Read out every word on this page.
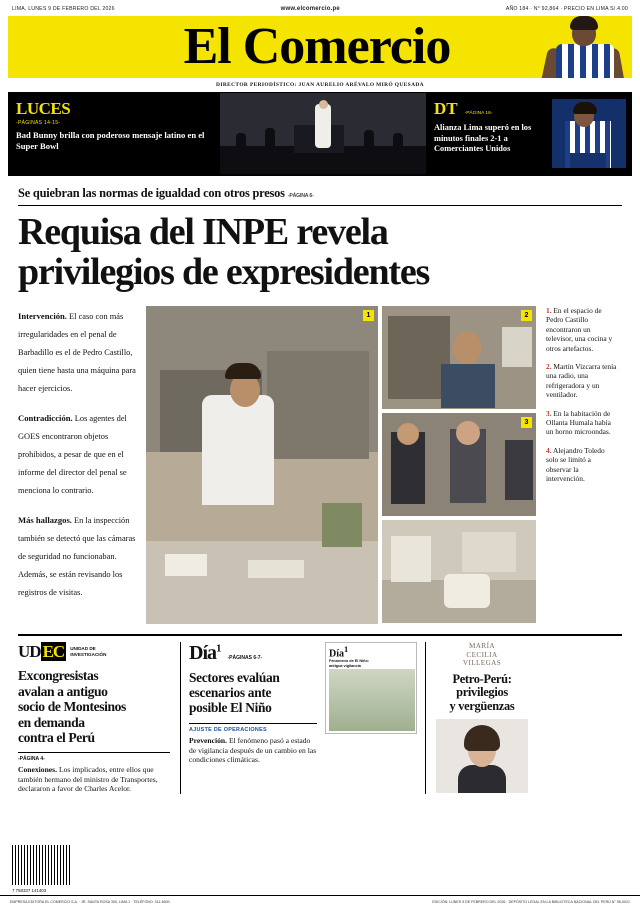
LIMA, LUNES 9 DE FEBRERO DEL 2026	www.elcomercio.pe	AÑO 184 · N° 92,864 · PRECIO EN LIMA S/.4.00
El Comercio
DIRECTOR PERIODÍSTICO: JUAN AURELIO ARÉVALO MIRÓ QUESADA
LUCES
-PÁGINAS 14-15-
Bad Bunny brilla con poderoso mensaje latino en el Super Bowl
DT -PÁGINA 16-
Alianza Lima superó en los minutos finales 2-1 a Comerciantes Unidos
Se quiebran las normas de igualdad con otros presos -PÁGINA 6-
Requisa del INPE revela
privilegios de expresidentes
Intervención. El caso con más irregularidades en el penal de Barbadillo es el de Pedro Castillo, quien tiene hasta una máquina para hacer ejercicios.
Contradicción. Los agentes del GOES encontraron objetos prohibidos, a pesar de que en el informe del director del penal se menciona lo contrario.
Más hallazgos. En la inspección también se detectó que las cámaras de seguridad no funcionaban. Además, se están revisando los registros de visitas.
1	2
3
1. En el espacio de Pedro Castillo encontraron un televisor, una cocina y otros artefactos.
2. Martín Vizcarra tenía una radio, una refrigeradora y un ventilador.
3. En la habitación de Ollanta Humala había un horno microondas.
4. Alejandro Toledo solo se limitó a observar la intervención.
UD EC	UNIDAD DE
INVESTIGACIÓN
Excongresistas
avalan a antiguo
socio de Montesinos
en demanda
contra el Perú
-PÁGINA 4-
Conexiones. Los implicados, entre ellos que también hermano del ministro de Transportes, declararon a favor de Charles Acelor.
Día$^1$ -PÁGINAS 6-7-
Sectores evalúan
escenarios ante
posible El Niño
AJUSTE DE OPERACIONES
Prevención. El fenómeno pasó a estado de vigilancia después de un cambio en las condiciones climáticas.
Día$^1$
Fenómeno de El Niño:
antigua vigilancia
MARÍA
CECILIA
VILLEGAS
Petro-Perú:
privilegios
y vergüenzas
7 758337 141403
EMPRESA EDITORA EL COMERCIO S.A. · JR. SANTA ROSA 300, LIMA 1 · TELÉFONO: 311-6500	EDICIÓN: LUNES 9 DE FEBRERO DEL 2026 · DEPÓSITO LEGAL EN LA BIBLIOTECA NACIONAL DEL PERÚ N° 95-0021
